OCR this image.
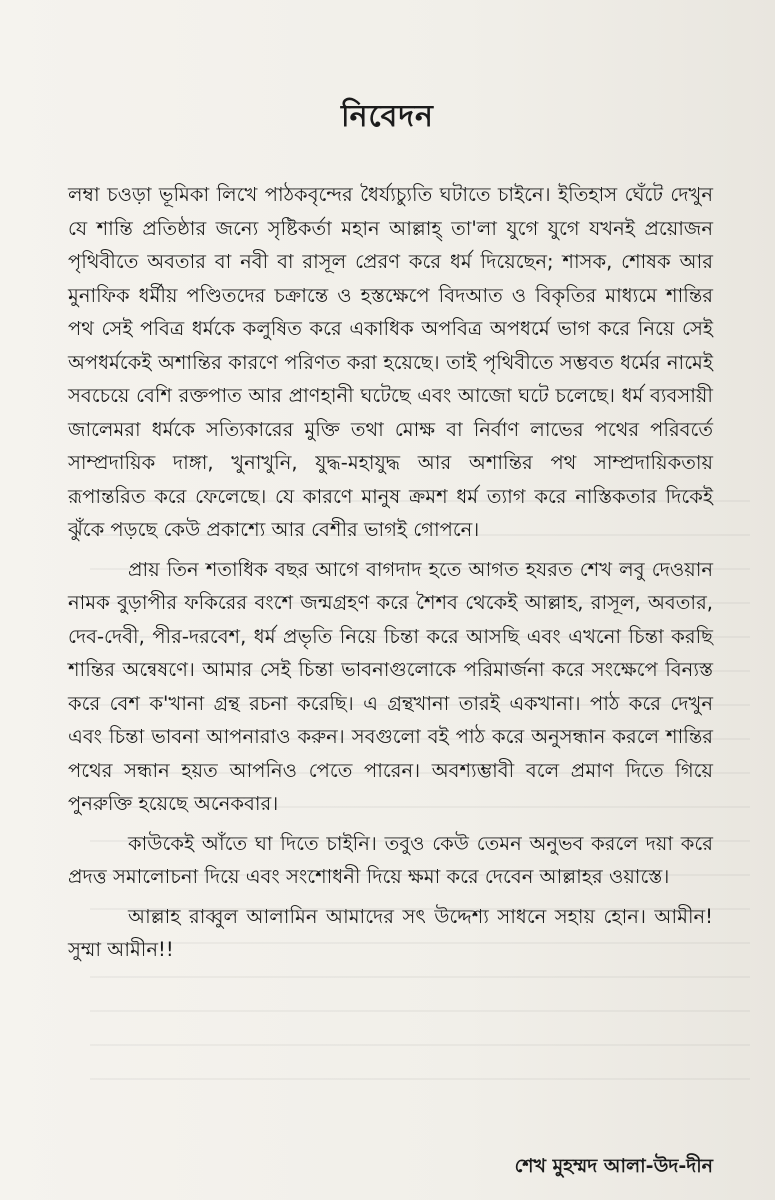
নিবেদন

লম্বা চওড়া ভূমিকা লিখে পাঠকবৃন্দের ধৈর্য্যচ্যুতি ঘটাতে চাইনে। ইতিহাস ঘেঁটে দেখুন যে শান্তি প্রতিষ্ঠার জন্যে সৃষ্টিকর্তা মহান আল্লাহ্ তা'লা যুগে যুগে যখনই প্রয়োজন পৃথিবীতে অবতার বা নবী বা রাসূল প্রেরণ করে ধর্ম দিয়েছেন; শাসক, শোষক আর মুনাফিক ধর্মীয় পণ্ডিতদের চক্রান্তে ও হস্তক্ষেপে বিদআত ও বিকৃতির মাধ্যমে শান্তির পথ সেই পবিত্র ধর্মকে কলুষিত করে একাধিক অপবিত্র অপধর্মে ভাগ করে নিয়ে সেই অপধর্মকেই অশান্তির কারণে পরিণত করা হয়েছে। তাই পৃথিবীতে সম্ভবত ধর্মের নামেই সবচেয়ে বেশি রক্তপাত আর প্রাণহানী ঘটেছে এবং আজো ঘটে চলেছে। ধর্ম ব্যবসায়ী জালেমরা ধর্মকে সত্যিকারের মুক্তি তথা মোক্ষ বা নির্বাণ লাভের পথের পরিবর্তে সাম্প্রদায়িক দাঙ্গা, খুনাখুনি, যুদ্ধ-মহাযুদ্ধ আর অশান্তির পথ সাম্প্রদায়িকতায় রূপান্তরিত করে ফেলেছে। যে কারণে মানুষ ক্রমশ ধর্ম ত্যাগ করে নাস্তিকতার দিকেই ঝুঁকে পড়ছে কেউ প্রকাশ্যে আর বেশীর ভাগই গোপনে।

প্রায় তিন শতাধিক বছর আগে বাগদাদ হতে আগত হযরত শেখ লবু দেওয়ান নামক বুড়াপীর ফকিরের বংশে জন্মগ্রহণ করে শৈশব থেকেই আল্লাহ, রাসূল, অবতার, দেব-দেবী, পীর-দরবেশ, ধর্ম প্রভৃতি নিয়ে চিন্তা করে আসছি এবং এখনো চিন্তা করছি শান্তির অন্বেষণে। আমার সেই চিন্তা ভাবনাগুলোকে পরিমার্জনা করে সংক্ষেপে বিন্যস্ত করে বেশ ক'খানা গ্রন্থ রচনা করেছি। এ গ্রন্থখানা তারই একখানা। পাঠ করে দেখুন এবং চিন্তা ভাবনা আপনারাও করুন। সবগুলো বই পাঠ করে অনুসন্ধান করলে শান্তির পথের সন্ধান হয়ত আপনিও পেতে পারেন। অবশ্যম্ভাবী বলে প্রমাণ দিতে গিয়ে পুনরুক্তি হয়েছে অনেকবার।

কাউকেই আঁতে ঘা দিতে চাইনি। তবুও কেউ তেমন অনুভব করলে দয়া করে প্রদত্ত সমালোচনা দিয়ে এবং সংশোধনী দিয়ে ক্ষমা করে দেবেন আল্লাহর ওয়াস্তে।

আল্লাহ রাব্বুল আলামিন আমাদের সৎ উদ্দেশ্য সাধনে সহায় হোন। আমীন! সুম্মা আমীন!!

শেখ মুহম্মদ আলা-উদ-দীন
